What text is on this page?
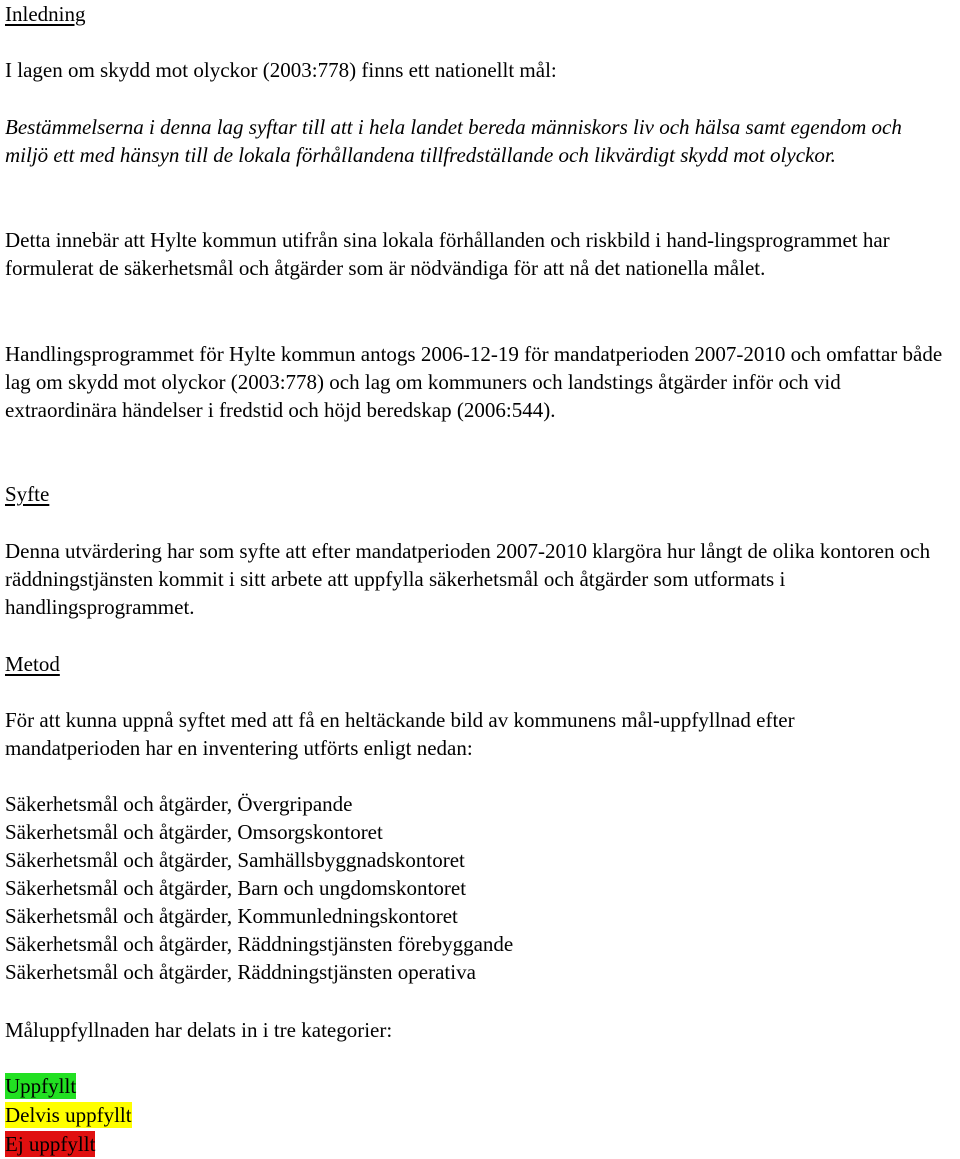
Inledning

I lagen om skydd mot olyckor (2003:778) finns ett nationellt mål:

Bestämmelserna i denna lag syftar till att i hela landet bereda människors liv och hälsa samt egendom och miljö ett med hänsyn till de lokala förhållandena tillfredställande och likvärdigt skydd mot olyckor.

Detta innebär att Hylte kommun utifrån sina lokala förhållanden och riskbild i hand-lingsprogrammet har formulerat de säkerhetsmål och åtgärder som är nödvändiga för att nå det nationella målet.

Handlingsprogrammet för Hylte kommun antogs 2006-12-19 för mandatperioden 2007-2010 och omfattar både lag om skydd mot olyckor (2003:778) och lag om kommuners och landstings åtgärder inför och vid extraordinära händelser i fredstid och höjd beredskap (2006:544).

Syfte

Denna utvärdering har som syfte att efter mandatperioden 2007-2010 klargöra hur långt de olika kontoren och räddningstjänsten kommit i sitt arbete att uppfylla säkerhetsmål och åtgärder som utformats i handlingsprogrammet.

Metod

För att kunna uppnå syftet med att få en heltäckande bild av kommunens mål-uppfyllnad efter mandatperioden har en inventering utförts enligt nedan:

Säkerhetsmål och åtgärder, Övergripande
Säkerhetsmål och åtgärder, Omsorgskontoret
Säkerhetsmål och åtgärder, Samhällsbyggnadskontoret
Säkerhetsmål och åtgärder, Barn och ungdomskontoret
Säkerhetsmål och åtgärder, Kommunledningskontoret
Säkerhetsmål och åtgärder, Räddningstjänsten förebyggande
Säkerhetsmål och åtgärder, Räddningstjänsten operativa

Måluppfyllnaden har delats in i tre kategorier:

Uppfyllt
Delvis uppfyllt
Ej uppfyllt
